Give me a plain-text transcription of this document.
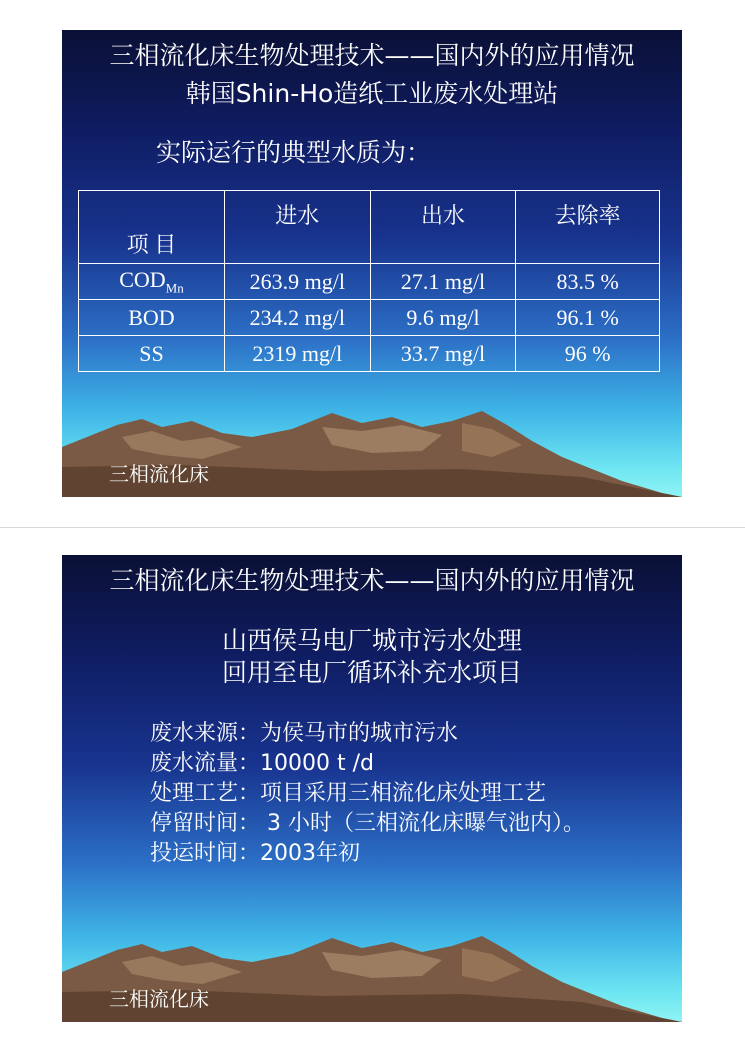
三相流化床生物处理技术——国内外的应用情况
韩国Shin-Ho造纸工业废水处理站
实际运行的典型水质为：
项 目	进水	出水	去除率
$COD_{Mn}$	263.9 mg/l	27.1 mg/l	83.5 %
BOD	234.2 mg/l	9.6 mg/l	96.1 %
SS	2319 mg/l	33.7 mg/l	96 %
三相流化床
三相流化床生物处理技术——国内外的应用情况
山西侯马电厂城市污水处理
回用至电厂循环补充水项目
废水来源：为侯马市的城市污水
废水流量：10000 t /d
处理工艺：项目采用三相流化床处理工艺
停留时间： 3 小时（三相流化床曝气池内）。
投运时间：2003年初
三相流化床
